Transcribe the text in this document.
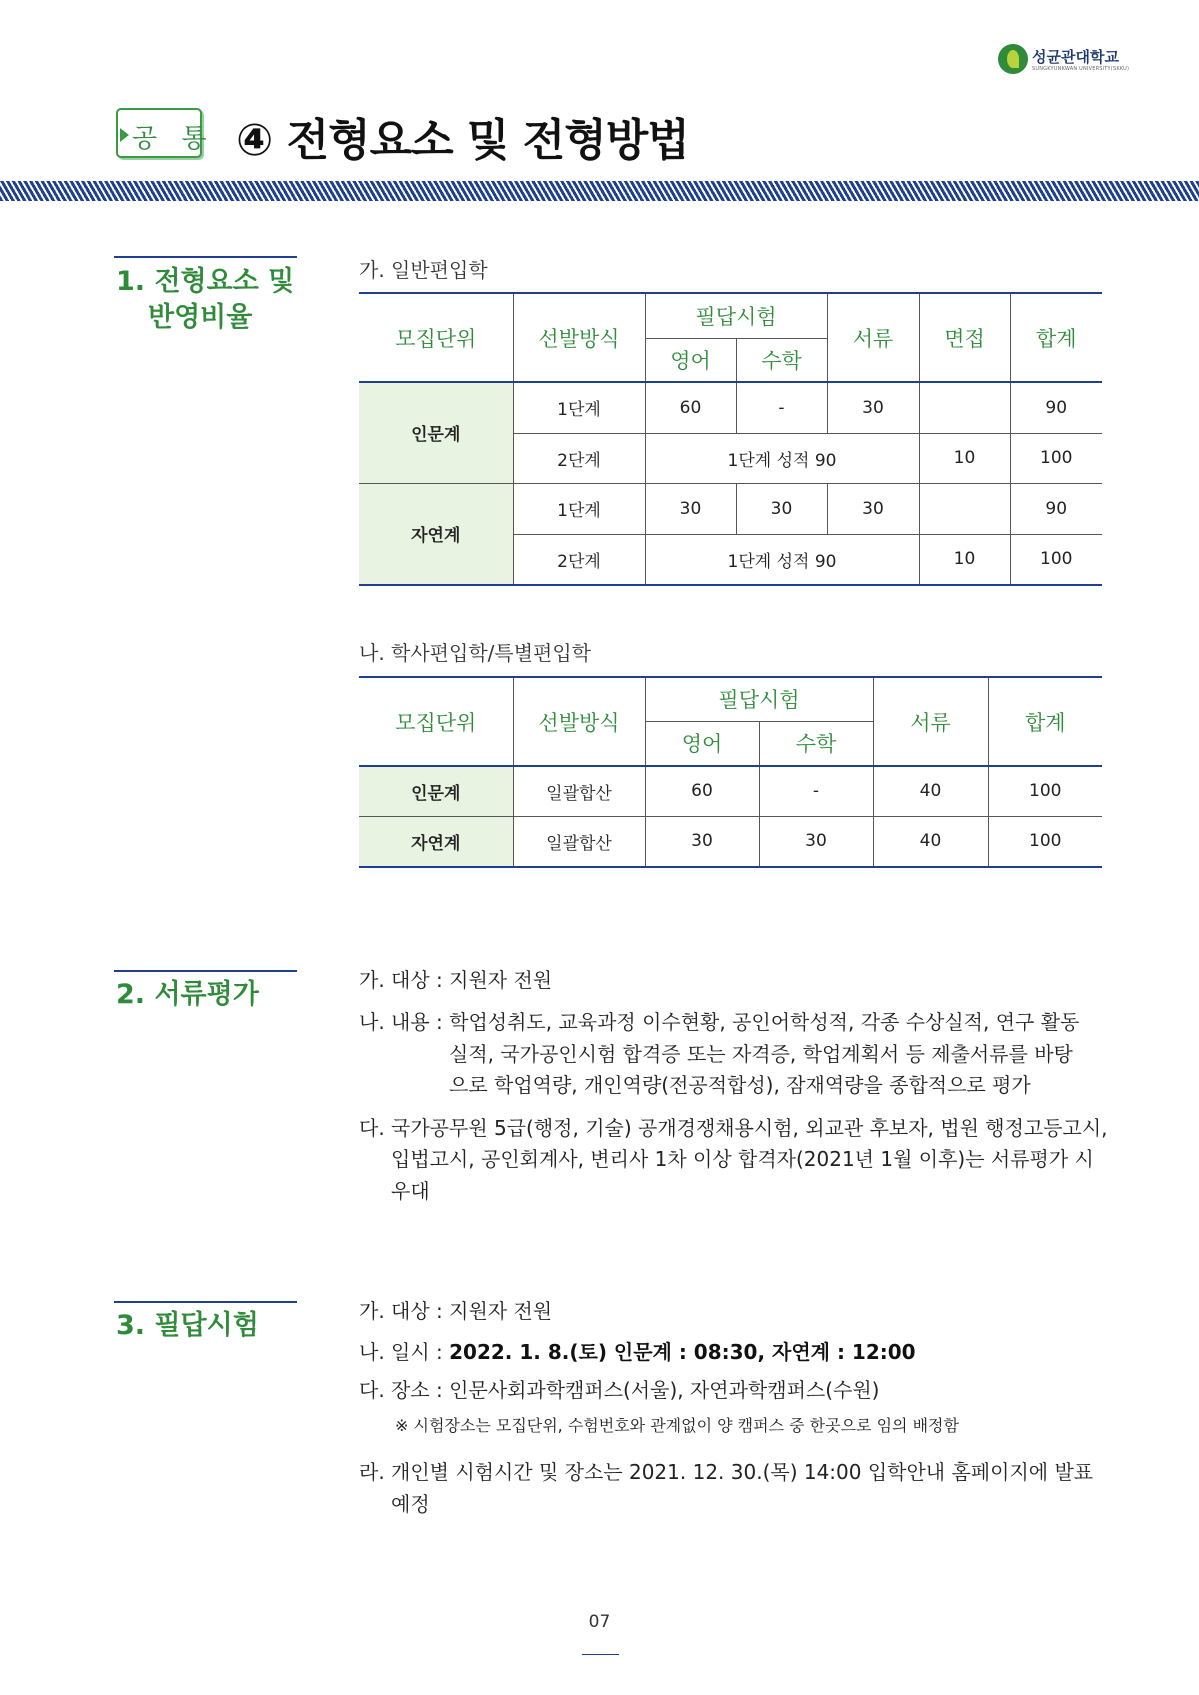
성균관대학교
SUNGKYUNKWAN UNIVERSITY(SKKU)
공 통 ④ 전형요소 및 전형방법
1. 전형요소 및
반영비율
가. 일반편입학
모집단위	선발방식	필답시험		서류	면접	합계
		영어	수학			
인문계	1단계	60	-	30		90
	2단계	1단계 성적 90			10	100
자연계	1단계	30	30	30		90
	2단계	1단계 성적 90			10	100
나. 학사편입학/특별편입학
모집단위	선발방식	필답시험		서류	합계
		영어	수학		
인문계	일괄합산	60	-	40	100
자연계	일괄합산	30	30	40	100
2. 서류평가	가. 대상 : 지원자 전원
나. 내용 : 학업성취도, 교육과정 이수현황, 공인어학성적, 각종 수상실적, 연구 활동
실적, 국가공인시험 합격증 또는 자격증, 학업계획서 등 제출서류를 바탕
으로 학업역량, 개인역량(전공적합성), 잠재역량을 종합적으로 평가
다. 국가공무원 5급(행정, 기술) 공개경쟁채용시험, 외교관 후보자, 법원 행정고등고시,
입법고시, 공인회계사, 변리사 1차 이상 합격자(2021년 1월 이후)는 서류평가 시
우대
3. 필답시험	가. 대상 : 지원자 전원
나. 일시 : 2022. 1. 8.(토) 인문계 : 08:30, 자연계 : 12:00
다. 장소 : 인문사회과학캠퍼스(서울), 자연과학캠퍼스(수원)
※ 시험장소는 모집단위, 수험번호와 관계없이 양 캠퍼스 중 한곳으로 임의 배정함
라. 개인별 시험시간 및 장소는 2021. 12. 30.(목) 14:00 입학안내 홈페이지에 발표
예정
07
